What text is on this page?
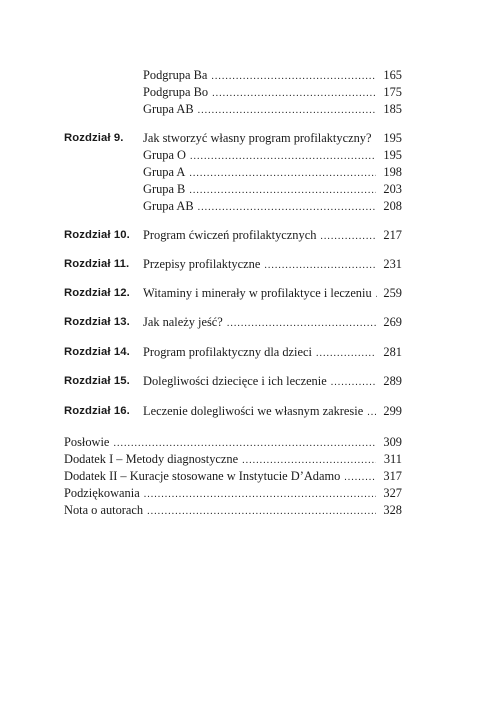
Podgrupa Ba .....	165
Podgrupa Bo .....	175
Grupa AB .....	185
Rozdział 9. Jak stworzyć własny program profilaktyczny? ..... 195
Grupa O .....	195
Grupa A .....	198
Grupa B .....	203
Grupa AB .....	208
Rozdział 10. Program ćwiczeń profilaktycznych .....	217
Rozdział 11. Przepisy profilaktyczne .....	231
Rozdział 12. Witaminy i minerały w profilaktyce i leczeniu ..... 259
Rozdział 13. Jak należy jeść? .....	269
Rozdział 14. Program profilaktyczny dla dzieci .....	281
Rozdział 15. Dolegliwości dziecięce i ich leczenie .....	289
Rozdział 16. Leczenie dolegliwości we własnym zakresie ..... 299
Posłowie .....	309
Dodatek I – Metody diagnostyczne .....	311
Dodatek II – Kuracje stosowane w Instytucie D’Adamo .....	317
Podziękowania .....	327
Nota o autorach .....	328
